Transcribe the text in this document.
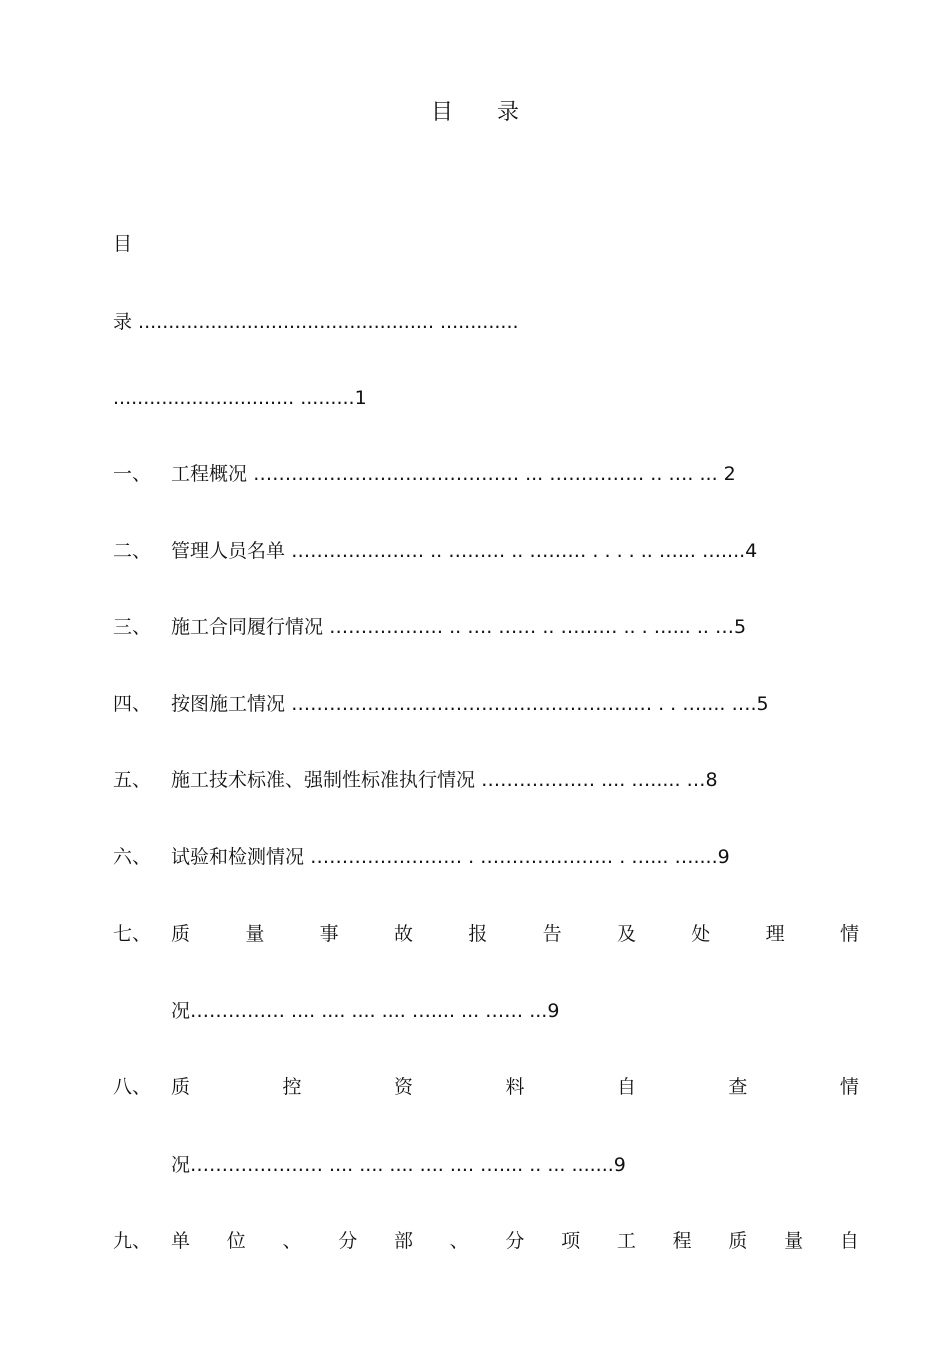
目 录
目
录 ................................................. .............
.............................. .........1
一、 工程概况 …………………………………… ... …………… .. …. ... 2
二、 管理人员名单 ………………… .. ……… .. ……… . . . . .. …... …....4
三、 施工合同履行情况 ……………… .. …. …… .. ……… .. . …... .. …5
四、 按图施工情况 ………………………………………………… . . ….... ….5
五、 施工技术标准、强制性标准执行情况 ……………… .... …..... …8
六、 试验和检测情况 …………………… . ………………… . …... …....9
七、 质	量	事	故	报	告	及	处	理	情
况…………… .... .... .... .... ….... ... …… ...9
八、 质	控	资	料	自	查	情
况………………… .... .... .... .... .... ….... .. ... .......9
九、 单 位 、 分 部 、 分 项 工 程 质 量 自
